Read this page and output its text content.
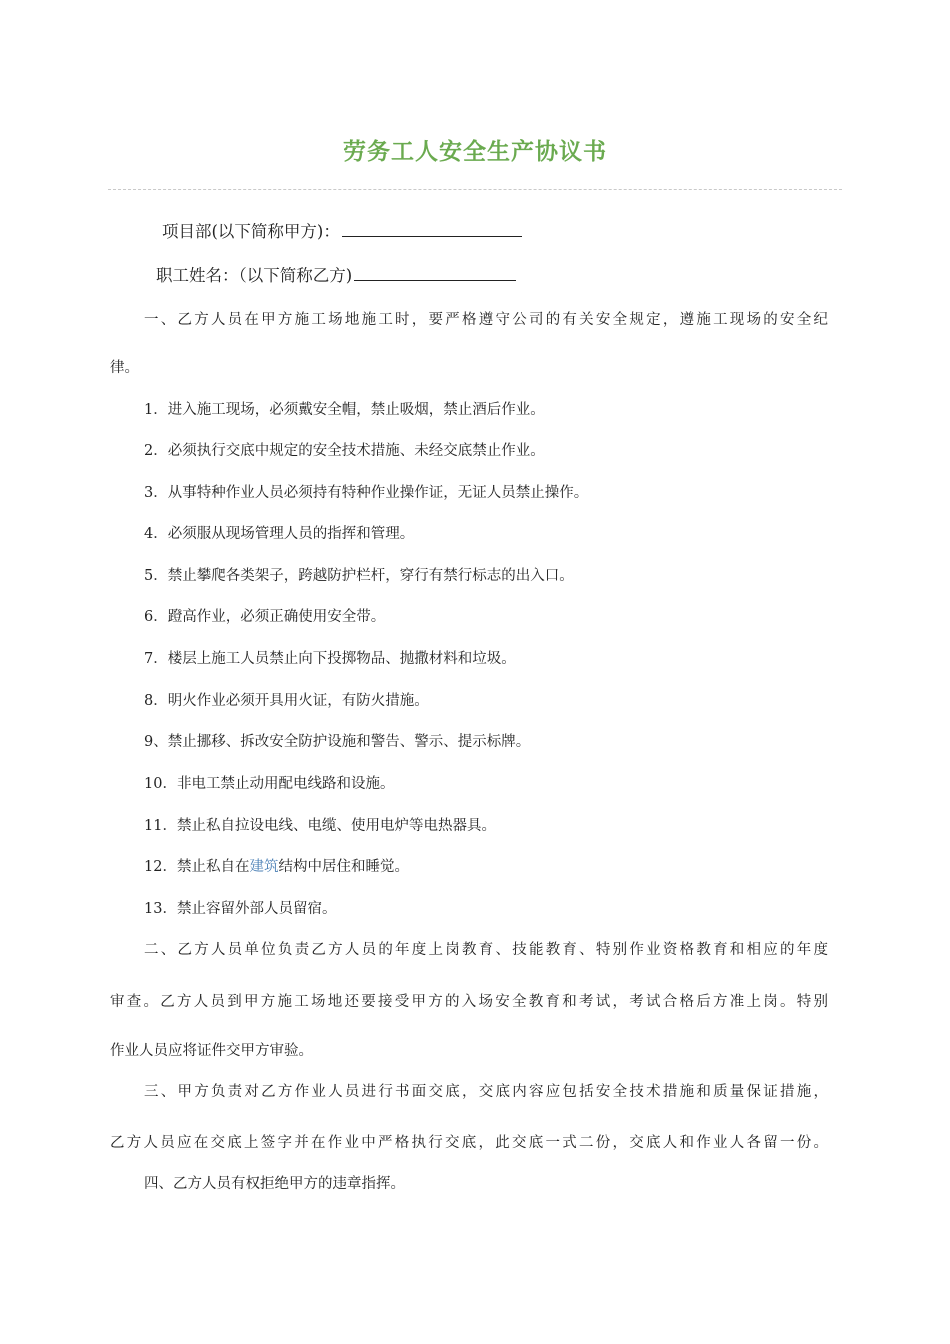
劳务工人安全生产协议书
项目部(以下简称甲方)：
职工姓名：（以下简称乙方)
一、乙方人员在甲方施工场地施工时，要严格遵守公司的有关安全规定，遵施工现场的安全纪
律。
1．进入施工现场，必须戴安全帽，禁止吸烟，禁止酒后作业。
2．必须执行交底中规定的安全技术措施、未经交底禁止作业。
3．从事特种作业人员必须持有特种作业操作证，无证人员禁止操作。
4．必须服从现场管理人员的指挥和管理。
5．禁止攀爬各类架子，跨越防护栏杆，穿行有禁行标志的出入口。
6．蹬高作业，必须正确使用安全带。
7．楼层上施工人员禁止向下投掷物品、抛撒材料和垃圾。
8．明火作业必须开具用火证，有防火措施。
9、禁止挪移、拆改安全防护设施和警告、警示、提示标牌。
10．非电工禁止动用配电线路和设施。
11．禁止私自拉设电线、电缆、使用电炉等电热器具。
12．禁止私自在建筑结构中居住和睡觉。
13．禁止容留外部人员留宿。
二、乙方人员单位负责乙方人员的年度上岗教育、技能教育、特别作业资格教育和相应的年度
审查。乙方人员到甲方施工场地还要接受甲方的入场安全教育和考试，考试合格后方准上岗。特别
作业人员应将证件交甲方审验。
三、甲方负责对乙方作业人员进行书面交底，交底内容应包括安全技术措施和质量保证措施，
乙方人员应在交底上签字并在作业中严格执行交底，此交底一式二份，交底人和作业人各留一份。
四、乙方人员有权拒绝甲方的违章指挥。
